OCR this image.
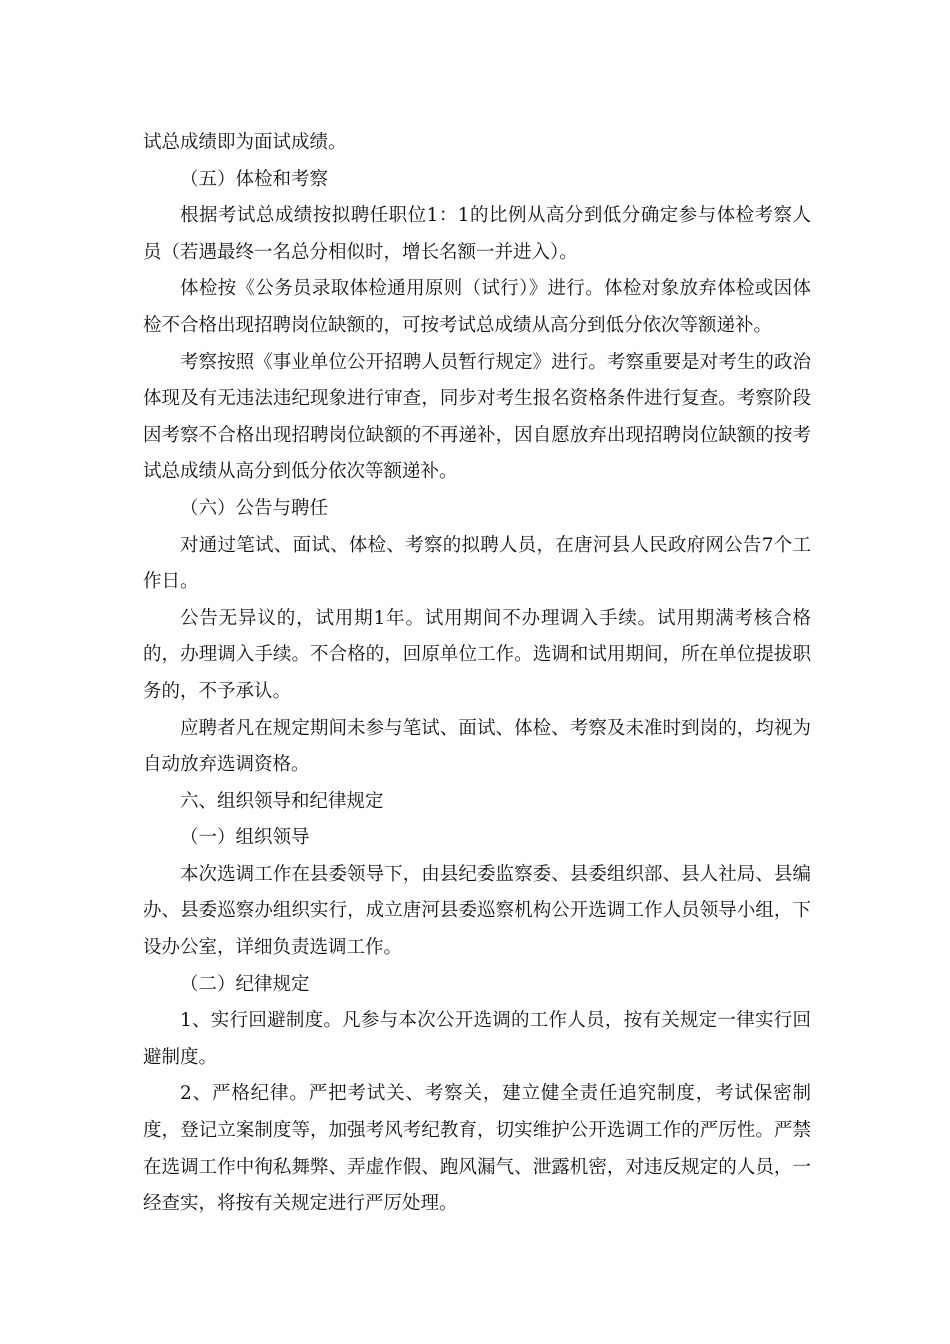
试总成绩即为面试成绩。

（五）体检和考察

根据考试总成绩按拟聘任职位1：1的比例从高分到低分确定参与体检考察人员（若遇最终一名总分相似时，增长名额一并进入）。

体检按《公务员录取体检通用原则（试行）》进行。体检对象放弃体检或因体检不合格出现招聘岗位缺额的，可按考试总成绩从高分到低分依次等额递补。

考察按照《事业单位公开招聘人员暂行规定》进行。考察重要是对考生的政治体现及有无违法违纪现象进行审查，同步对考生报名资格条件进行复查。考察阶段因考察不合格出现招聘岗位缺额的不再递补，因自愿放弃出现招聘岗位缺额的按考试总成绩从高分到低分依次等额递补。

（六）公告与聘任

对通过笔试、面试、体检、考察的拟聘人员，在唐河县人民政府网公告7个工作日。

公告无异议的，试用期1年。试用期间不办理调入手续。试用期满考核合格的，办理调入手续。不合格的，回原单位工作。选调和试用期间，所在单位提拔职务的，不予承认。

应聘者凡在规定期间未参与笔试、面试、体检、考察及未准时到岗的，均视为自动放弃选调资格。

六、组织领导和纪律规定

（一）组织领导

本次选调工作在县委领导下，由县纪委监察委、县委组织部、县人社局、县编办、县委巡察办组织实行，成立唐河县委巡察机构公开选调工作人员领导小组，下设办公室，详细负责选调工作。

（二）纪律规定

1、实行回避制度。凡参与本次公开选调的工作人员，按有关规定一律实行回避制度。

2、严格纪律。严把考试关、考察关，建立健全责任追究制度，考试保密制度，登记立案制度等，加强考风考纪教育，切实维护公开选调工作的严厉性。严禁在选调工作中徇私舞弊、弄虚作假、跑风漏气、泄露机密，对违反规定的人员，一经查实，将按有关规定进行严厉处理。
